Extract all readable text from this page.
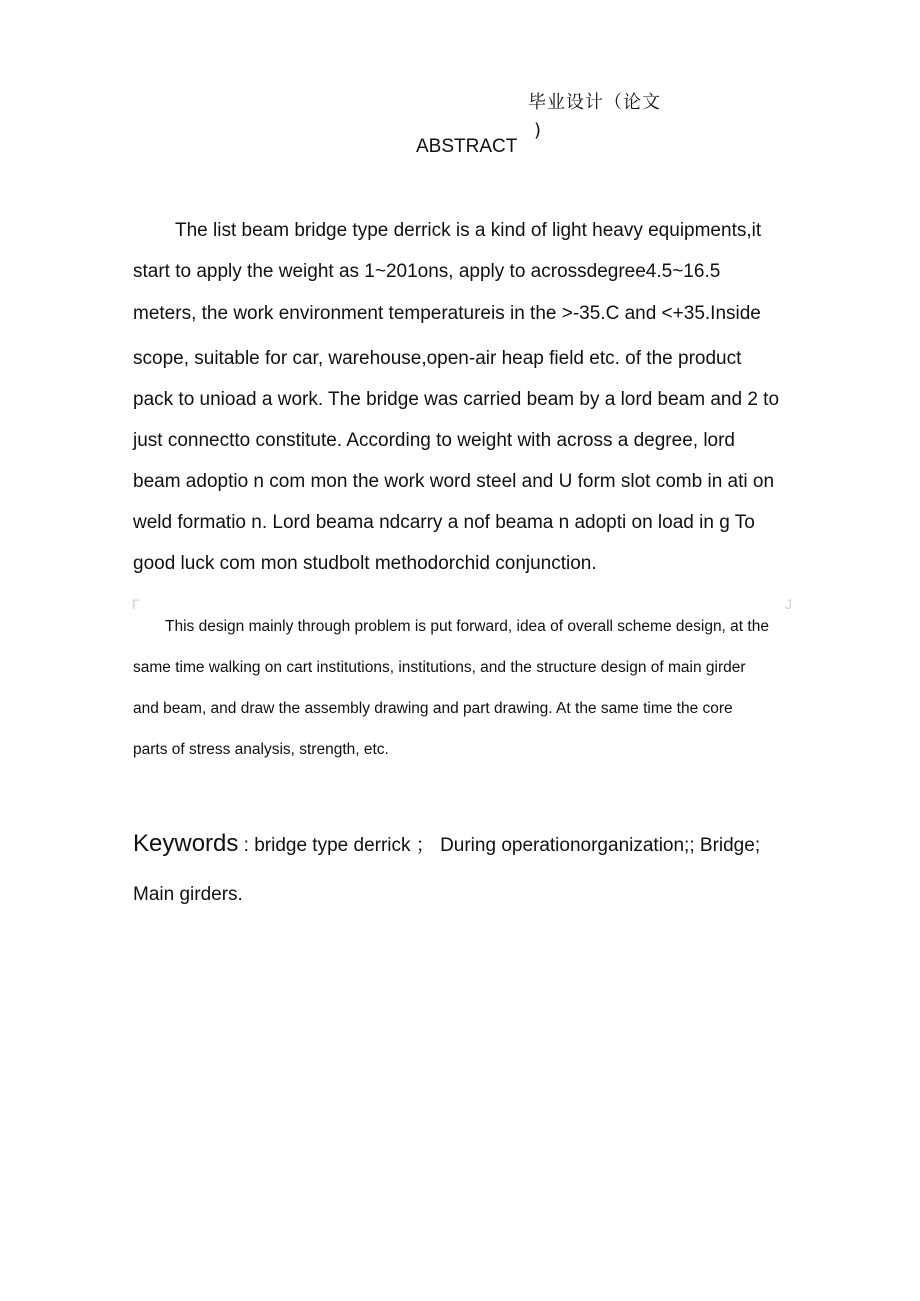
毕业设计（论文
)
ABSTRACT
The list beam bridge type derrick is a kind of light heavy equipments,it
start to apply the weight as 1~201ons, apply to acrossdegree4.5~16.5
meters, the work environment temperatureis in the >-35.C and <+35.Inside
scope, suitable for car, warehouse,open-air heap field etc. of the product
pack to unioad a work. The bridge was carried beam by a lord beam and 2 to
just connectto constitute. According to weight with across a degree, lord
beam adoptio n com mon the work word steel and U form slot comb in ati on
weld formatio n. Lord beama ndcarry a nof beama n adopti on load in g To
good luck com mon studbolt methodorchid conjunction.
Γ	J
This design mainly through problem is put forward, idea of overall scheme design, at the
same time walking on cart institutions, institutions, and the structure design of main girder
and beam, and draw the assembly drawing and part drawing. At the same time the core
parts of stress analysis, strength, etc.
Keywords : bridge type derrick ； During operationorganization;; Bridge;
Main girders.
